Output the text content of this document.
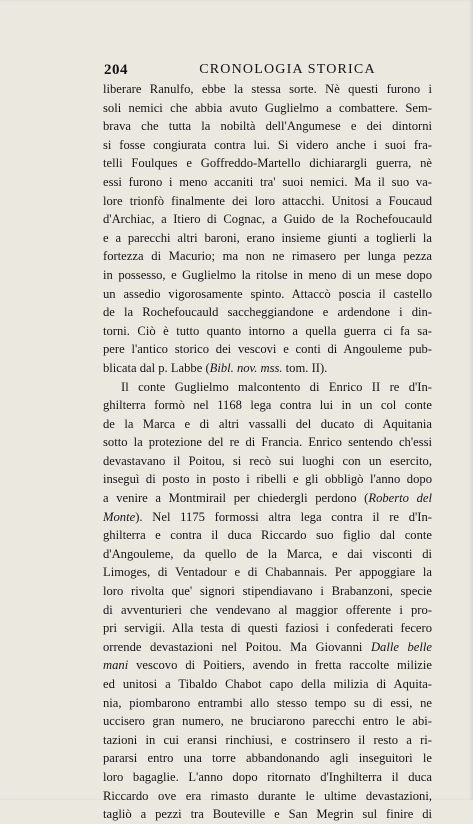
204	CRONOLOGIA STORICA
liberare Ranulfo, ebbe la stessa sorte. Nè questi furono i
soli nemici che abbia avuto Guglielmo a combattere. Sem-
brava che tutta la nobiltà dell'Angumese e dei dintorni
si fosse congiurata contra lui. Si videro anche i suoi fra-
telli Foulques e Goffreddo-Martello dichiarargli guerra, nè
essi furono i meno accaniti tra' suoi nemici. Ma il suo va-
lore trionfò finalmente dei loro attacchi. Unitosi a Foucaud
d'Archiac, a Itiero di Cognac, a Guido de la Rochefoucauld
e a parecchi altri baroni, erano insieme giunti a toglierli la
fortezza di Macurio; ma non ne rimasero per lunga pezza
in possesso, e Guglielmo la ritolse in meno di un mese dopo
un assedio vigorosamente spinto. Attaccò poscia il castello
de la Rochefoucauld saccheggiandone e ardendone i din-
torni. Ciò è tutto quanto intorno a quella guerra ci fa sa-
pere l'antico storico dei vescovi e conti di Angouleme pub-
blicata dal p. Labbe (Bibl. nov. mss. tom. II).
Il conte Guglielmo malcontento di Enrico II re d'In-
ghilterra formò nel 1168 lega contra lui in un col conte
de la Marca e di altri vassalli del ducato di Aquitania
sotto la protezione del re di Francia. Enrico sentendo ch'essi
devastavano il Poitou, si recò sui luoghi con un esercito,
inseguì di posto in posto i ribelli e gli obbligò l'anno dopo
a venire a Montmirail per chiedergli perdono (Roberto del
Monte). Nel 1175 formossi altra lega contra il re d'In-
ghilterra e contra il duca Riccardo suo figlio dal conte
d'Angouleme, da quello de la Marca, e dai visconti di
Limoges, di Ventadour e di Chabannais. Per appoggiare la
loro rivolta que' signori stipendiavano i Brabanzoni, specie
di avventurieri che vendevano al maggior offerente i pro-
pri servigii. Alla testa di questi faziosi i confederati fecero
orrende devastazioni nel Poitou. Ma Giovanni Dalle belle
mani vescovo di Poitiers, avendo in fretta raccolte milizie
ed unitosi a Tibaldo Chabot capo della milizia di Aquita-
nia, piombarono entrambi allo stesso tempo su di essi, ne
uccisero gran numero, ne bruciarono parecchi entro le abi-
tazioni in cui eransi rinchiusi, e costrinsero il resto a ri-
pararsi entro una torre abbandonando agli inseguitori le
loro bagaglie. L'anno dopo ritornato d'Inghilterra il duca
Riccardo ove era rimasto durante le ultime devastazioni,
tagliò a pezzi tra Bouteville e San Megrin sul finire di
